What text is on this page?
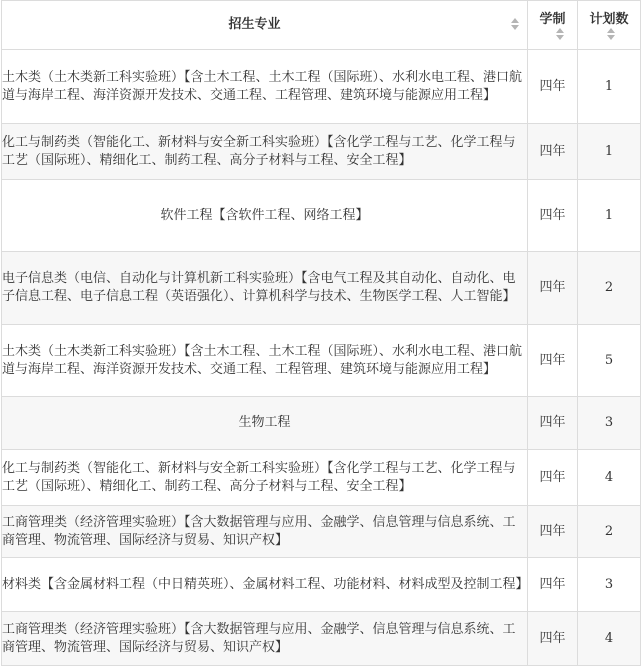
招生专业	学制	计划数

土木类（土木类新工科实验班）【含土木工程、土木工程（国际班）、水利水电工程、港口航道与海岸工程、海洋资源开发技术、交通工程、工程管理、建筑环境与能源应用工程】	四年	1
化工与制药类（智能化工、新材料与安全新工科实验班）【含化学工程与工艺、化学工程与工艺（国际班）、精细化工、制药工程、高分子材料与工程、安全工程】	四年	1
软件工程【含软件工程、网络工程】	四年	1
电子信息类（电信、自动化与计算机新工科实验班）【含电气工程及其自动化、自动化、电子信息工程、电子信息工程（英语强化）、计算机科学与技术、生物医学工程、人工智能】	四年	2
土木类（土木类新工科实验班）【含土木工程、土木工程（国际班）、水利水电工程、港口航道与海岸工程、海洋资源开发技术、交通工程、工程管理、建筑环境与能源应用工程】	四年	5
生物工程	四年	3
化工与制药类（智能化工、新材料与安全新工科实验班）【含化学工程与工艺、化学工程与工艺（国际班）、精细化工、制药工程、高分子材料与工程、安全工程】	四年	4
工商管理类（经济管理实验班）【含大数据管理与应用、金融学、信息管理与信息系统、工商管理、物流管理、国际经济与贸易、知识产权】	四年	2
材料类【含金属材料工程（中日精英班）、金属材料工程、功能材料、材料成型及控制工程】	四年	3
工商管理类（经济管理实验班）【含大数据管理与应用、金融学、信息管理与信息系统、工商管理、物流管理、国际经济与贸易、知识产权】	四年	4
